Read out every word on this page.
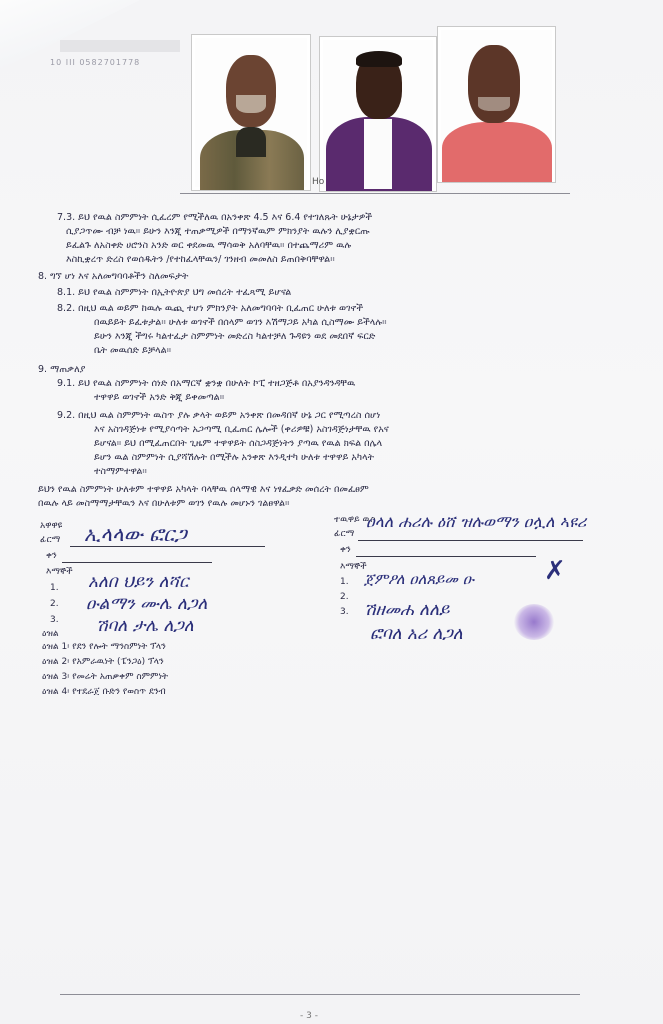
10 III 0582701778
Ho
7.3. ይህ የዉል ስምምነት ሲፈረም የሚችለዉ በአንቀጽ 4.5 እና 6.4 የተገለጹት ሁኔታዎች
ሲያጋጥሙ ብቻ ነዉ። ይሁን እንጂ ተጠቃሚዎች በማንኛዉም ምክንያት ዉሉን ሊያቋርጡ
ይፈልጉ ለአስቀድ ሀሮንስ አንድ ወር ቀደመዉ ማሳወቅ አለባቸዉ። በተጨማሪም ዉሉ
እስኪቋረጥ ድረስ የወሰዱትን /የተከፈላቸዉን/ ገንዘብ መመለስ ይጠበቅባቸዋል።
8. ግኘ ሆነ እና አለመግባባቶችን ስለመፍታት
8.1. ይህ የዉል ስምምነት በኢትዮጵያ ህግ መሰረት ተፈጻሚ ይሆናል
8.2. በዚህ ዉል ወይም ከዉሉ ዉጪ ተሆነ ምክንያት አለመግባባት ቢፈጠር ሁለቱ ወገኖች
በዉይይት ይፈቱታል። ሁለቱ ወገኖች በሰላም ወገን እሽማጋይ አካል ሲስማሙ ይችላሉ።
ይሁን እንጂ ችግሩ ካልተፈታ ስምምነት መድረስ ካልተቻለ ጉዳዩን ወደ መደበኛ ፍርድ
ቤት መዉሰድ ይቻላል።
9. ማጠቃለያ
9.1. ይህ የዉል ስምምነት ሰነድ በአማርኛ ቋንቋ በሁለት ኮፒ ተዘጋጅቶ በአያንዳንዳቸዉ
ተዋዋይ ወገኖች አንድ ቅጂ ይቀመጣል።
9.2. በዚህ ዉል ስምምነት ዉስጥ ያሉ ቃላት ወይም አንቀጽ በመዳበኛ ሁኔ ጋር የሚጣረስ ሰሆነ
እና አስገዳጅነቱ የሚያሳጣት አጋጣሚ ቢፈጠር ሌሎች (ቀሪዎቹ) አስገዳጅነታቸዉ የአና
ይሆናል። ይህ በሚፈጠርበት ጊዜም ተዋዋይት ሰስጋዳጅነትን ያጣዉ የዉል ክፍል በሌላ
ይሆን ዉል ስምምነት ሲያሻሽሉት በሚችሉ አንቀጽ እንዲተካ ሁለቱ ተዋዋይ አካላት
ተስማምተዋል።
ይህን የዉል ስምምነት ሁለቱም ተዋዋይ አካላት ባላቸዉ ሰላማዊ እና ነፃፈቃድ መሰረት በመፈፀም
በዉሉ ላይ መስማማታቸዉን እና በሁለቱም ወገን የዉሉ መሆኑን ገልፀዋል።
አዋዋዩ
ፊርማ ኢላላው ፎርጋ
ቀን
እማኞች
1. አለበ ህይን ለሻር
2. ዑልማን ሙሌ ለጋለ
3. ሽባለ ታሌ ለጋለ
ዕዝል
ዕዝል 1፡ የደን የሎት ማንስምነት ፕላን
ዕዝል 2፡ የአምራዉነት (ፔንጋዕ) ፕላን
ዕዝል 3፡ የመሬት አጠቃቀም ስምምነት
ዕዝል 4፡ የተደራጀ ቡድን የወስጥ ደንብ
ተዉዋይ ዉስ
ፊርማ
ዐላለ ሐሪሉ ዕሸ ዝሉወማን ዐሏለ ኣዩሪ
ቀን
እማኞች
1. ጀምዖለ ዐለጸይመ ዑ	✗
2.
3. ሽዘመሐ ለለይ
ፎባለ አሪ ለጋለ
- 3 -
